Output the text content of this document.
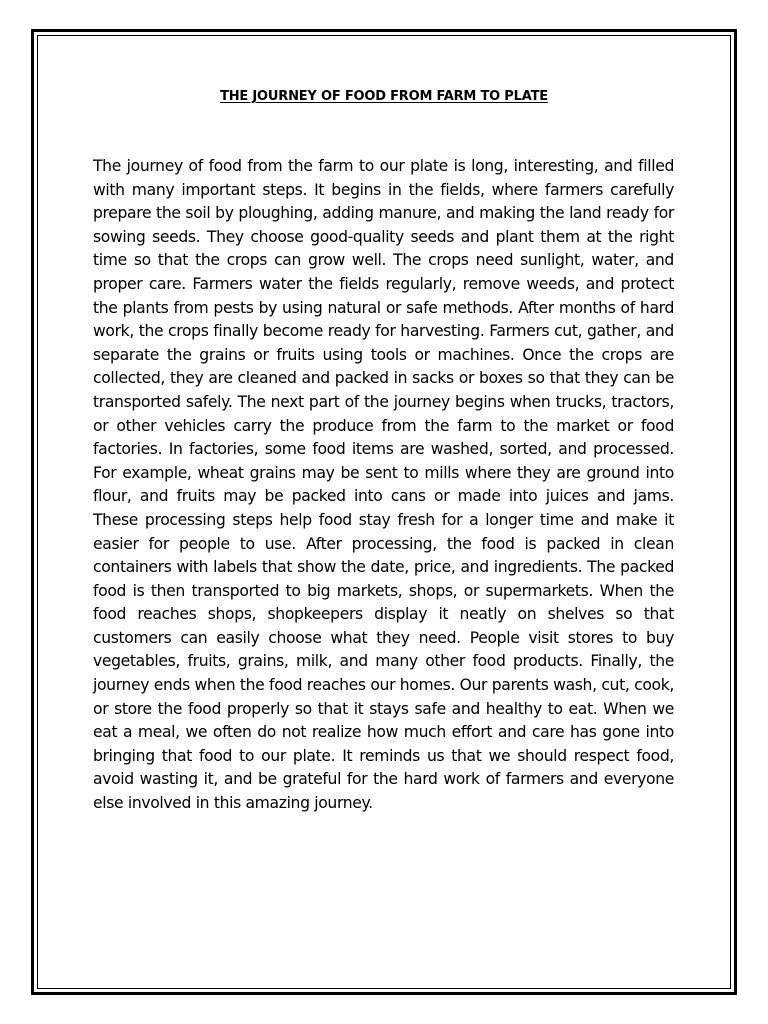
THE JOURNEY OF FOOD FROM FARM TO PLATE

The journey of food from the farm to our plate is long, interesting, and filled with many important steps. It begins in the fields, where farmers carefully prepare the soil by ploughing, adding manure, and making the land ready for sowing seeds. They choose good-quality seeds and plant them at the right time so that the crops can grow well. The crops need sunlight, water, and proper care. Farmers water the fields regularly, remove weeds, and protect the plants from pests by using natural or safe methods. After months of hard work, the crops finally become ready for harvesting. Farmers cut, gather, and separate the grains or fruits using tools or machines. Once the crops are collected, they are cleaned and packed in sacks or boxes so that they can be transported safely. The next part of the journey begins when trucks, tractors, or other vehicles carry the produce from the farm to the market or food factories. In factories, some food items are washed, sorted, and processed. For example, wheat grains may be sent to mills where they are ground into flour, and fruits may be packed into cans or made into juices and jams. These processing steps help food stay fresh for a longer time and make it easier for people to use. After processing, the food is packed in clean containers with labels that show the date, price, and ingredients. The packed food is then transported to big markets, shops, or supermarkets. When the food reaches shops, shopkeepers display it neatly on shelves so that customers can easily choose what they need. People visit stores to buy vegetables, fruits, grains, milk, and many other food products. Finally, the journey ends when the food reaches our homes. Our parents wash, cut, cook, or store the food properly so that it stays safe and healthy to eat. When we eat a meal, we often do not realize how much effort and care has gone into bringing that food to our plate. It reminds us that we should respect food, avoid wasting it, and be grateful for the hard work of farmers and everyone else involved in this amazing journey.
